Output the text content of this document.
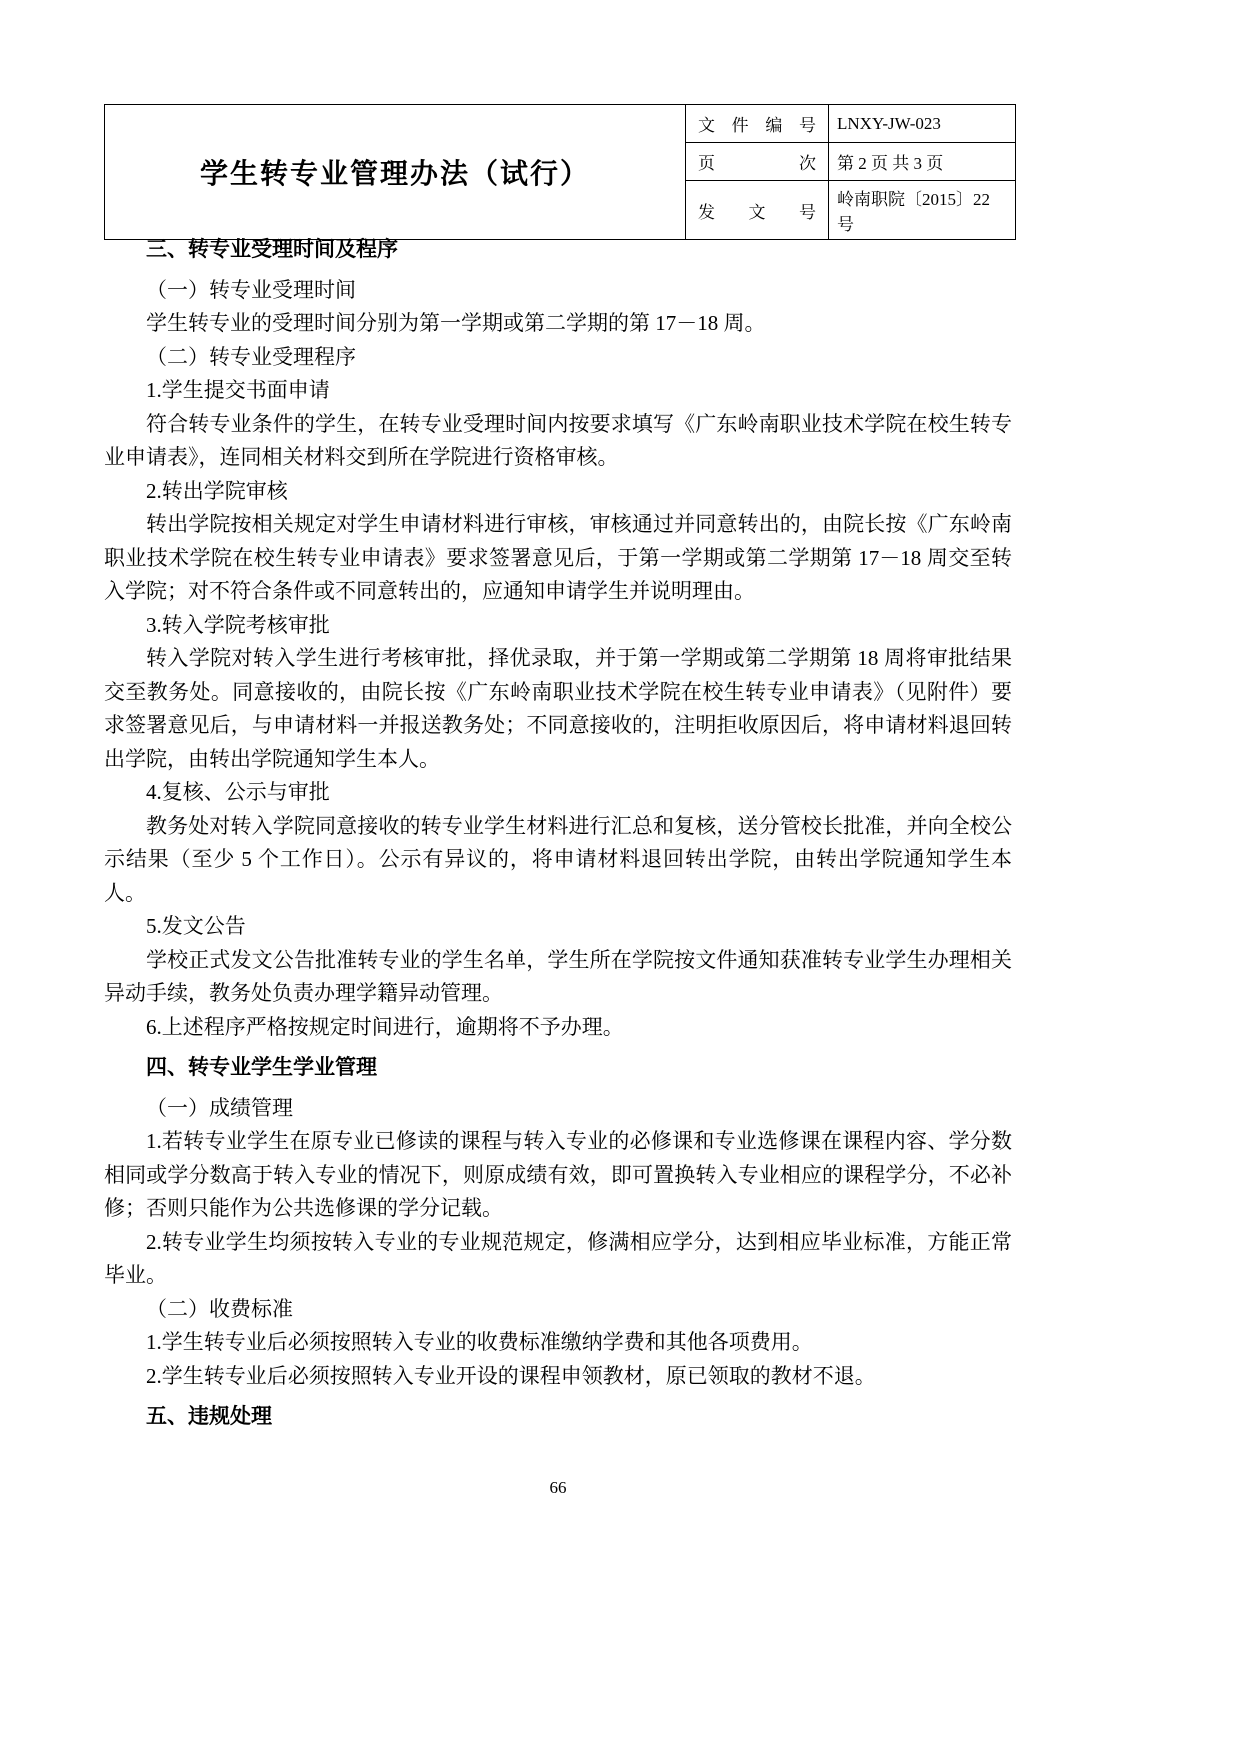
学生转专业管理办法（试行）	文件编号	LNXY-JW-023
	页次	第 2 页 共 3 页
	发文号	岭南职院〔2015〕22 号
三、转专业受理时间及程序
（一）转专业受理时间
学生转专业的受理时间分别为第一学期或第二学期的第 17－18 周。
（二）转专业受理程序
1.学生提交书面申请
符合转专业条件的学生，在转专业受理时间内按要求填写《广东岭南职业技术学院在校生转专业申请表》，连同相关材料交到所在学院进行资格审核。
2.转出学院审核
转出学院按相关规定对学生申请材料进行审核，审核通过并同意转出的，由院长按《广东岭南职业技术学院在校生转专业申请表》要求签署意见后，于第一学期或第二学期第 17－18 周交至转入学院；对不符合条件或不同意转出的，应通知申请学生并说明理由。
3.转入学院考核审批
转入学院对转入学生进行考核审批，择优录取，并于第一学期或第二学期第 18 周将审批结果交至教务处。同意接收的，由院长按《广东岭南职业技术学院在校生转专业申请表》（见附件）要求签署意见后，与申请材料一并报送教务处；不同意接收的，注明拒收原因后，将申请材料退回转出学院，由转出学院通知学生本人。
4.复核、公示与审批
教务处对转入学院同意接收的转专业学生材料进行汇总和复核，送分管校长批准，并向全校公示结果（至少 5 个工作日）。公示有异议的，将申请材料退回转出学院，由转出学院通知学生本人。
5.发文公告
学校正式发文公告批准转专业的学生名单，学生所在学院按文件通知获准转专业学生办理相关异动手续，教务处负责办理学籍异动管理。
6.上述程序严格按规定时间进行，逾期将不予办理。
四、转专业学生学业管理
（一）成绩管理
1.若转专业学生在原专业已修读的课程与转入专业的必修课和专业选修课在课程内容、学分数相同或学分数高于转入专业的情况下，则原成绩有效，即可置换转入专业相应的课程学分，不必补修；否则只能作为公共选修课的学分记载。
2.转专业学生均须按转入专业的专业规范规定，修满相应学分，达到相应毕业标准，方能正常毕业。
（二）收费标准
1.学生转专业后必须按照转入专业的收费标准缴纳学费和其他各项费用。
2.学生转专业后必须按照转入专业开设的课程申领教材，原已领取的教材不退。
五、违规处理
66
